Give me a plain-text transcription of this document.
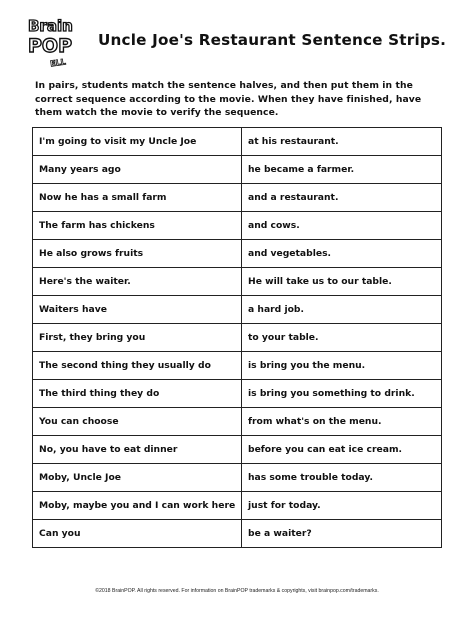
Brain
POP
ELL
Uncle Joe's Restaurant Sentence Strips.
In pairs, students match the sentence halves, and then put them in the correct sequence according to the movie. When they have finished, have them watch the movie to verify the sequence.
I'm going to visit my Uncle Joe	at his restaurant.
Many years ago	he became a farmer.
Now he has a small farm	and a restaurant.
The farm has chickens	and cows.
He also grows fruits	and vegetables.
Here's the waiter.	He will take us to our table.
Waiters have	a hard job.
First, they bring you	to your table.
The second thing they usually do	is bring you the menu.
The third thing they do	is bring you something to drink.
You can choose	from what's on the menu.
No, you have to eat dinner	before you can eat ice cream.
Moby, Uncle Joe	has some trouble today.
Moby, maybe you and I can work here	just for today.
Can you	be a waiter?
©2018 BrainPOP. All rights reserved. For information on BrainPOP trademarks & copyrights, visit brainpop.com/trademarks.
